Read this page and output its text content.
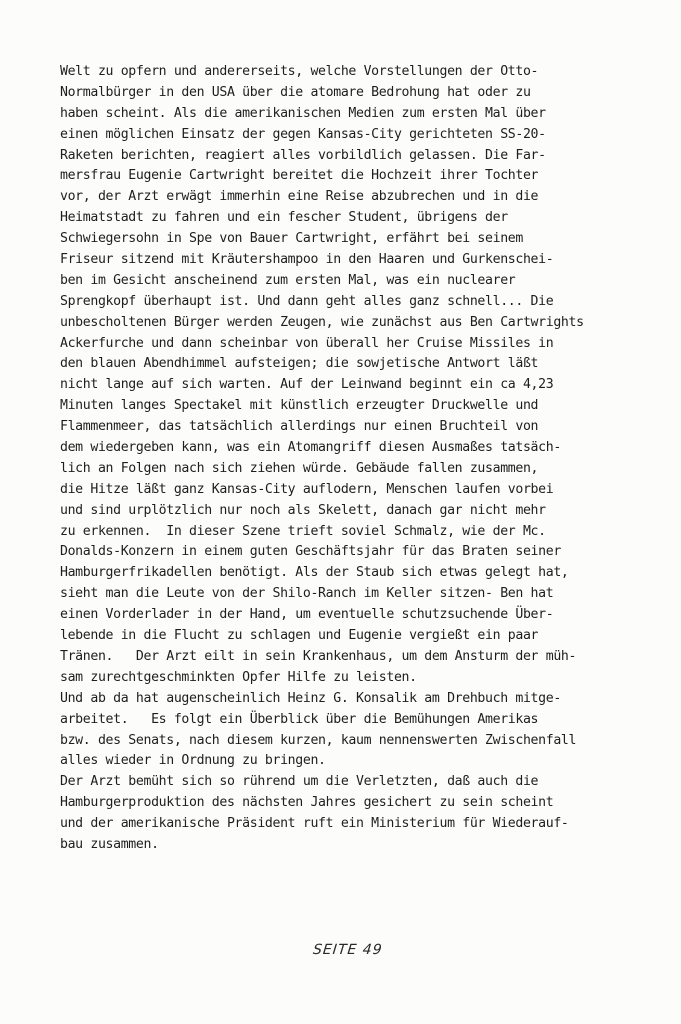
Welt zu opfern und andererseits, welche Vorstellungen der Otto-
Normalbürger in den USA über die atomare Bedrohung hat oder zu
haben scheint. Als die amerikanischen Medien zum ersten Mal über
einen möglichen Einsatz der gegen Kansas-City gerichteten SS-20-
Raketen berichten, reagiert alles vorbildlich gelassen. Die Far-
mersfrau Eugenie Cartwright bereitet die Hochzeit ihrer Tochter
vor, der Arzt erwägt immerhin eine Reise abzubrechen und in die
Heimatstadt zu fahren und ein fescher Student, übrigens der
Schwiegersohn in Spe von Bauer Cartwright, erfährt bei seinem
Friseur sitzend mit Kräutershampoo in den Haaren und Gurkenschei-
ben im Gesicht anscheinend zum ersten Mal, was ein nuclearer
Sprengkopf überhaupt ist. Und dann geht alles ganz schnell... Die
unbescholtenen Bürger werden Zeugen, wie zunächst aus Ben Cartwrights
Ackerfurche und dann scheinbar von überall her Cruise Missiles in
den blauen Abendhimmel aufsteigen; die sowjetische Antwort läßt
nicht lange auf sich warten. Auf der Leinwand beginnt ein ca 4,23
Minuten langes Spectakel mit künstlich erzeugter Druckwelle und
Flammenmeer, das tatsächlich allerdings nur einen Bruchteil von
dem wiedergeben kann, was ein Atomangriff diesen Ausmaßes tatsäch-
lich an Folgen nach sich ziehen würde. Gebäude fallen zusammen,
die Hitze läßt ganz Kansas-City auflodern, Menschen laufen vorbei
und sind urplötzlich nur noch als Skelett, danach gar nicht mehr
zu erkennen.  In dieser Szene trieft soviel Schmalz, wie der Mc.
Donalds-Konzern in einem guten Geschäftsjahr für das Braten seiner
Hamburgerfrikadellen benötigt. Als der Staub sich etwas gelegt hat,
sieht man die Leute von der Shilo-Ranch im Keller sitzen- Ben hat
einen Vorderlader in der Hand, um eventuelle schutzsuchende Über-
lebende in die Flucht zu schlagen und Eugenie vergießt ein paar
Tränen.   Der Arzt eilt in sein Krankenhaus, um dem Ansturm der müh-
sam zurechtgeschminkten Opfer Hilfe zu leisten.
Und ab da hat augenscheinlich Heinz G. Konsalik am Drehbuch mitge-
arbeitet.   Es folgt ein Überblick über die Bemühungen Amerikas
bzw. des Senats, nach diesem kurzen, kaum nennenswerten Zwischenfall
alles wieder in Ordnung zu bringen.
Der Arzt bemüht sich so rührend um die Verletzten, daß auch die
Hamburgerproduktion des nächsten Jahres gesichert zu sein scheint
und der amerikanische Präsident ruft ein Ministerium für Wiederauf-
bau zusammen.
SEITE 49
